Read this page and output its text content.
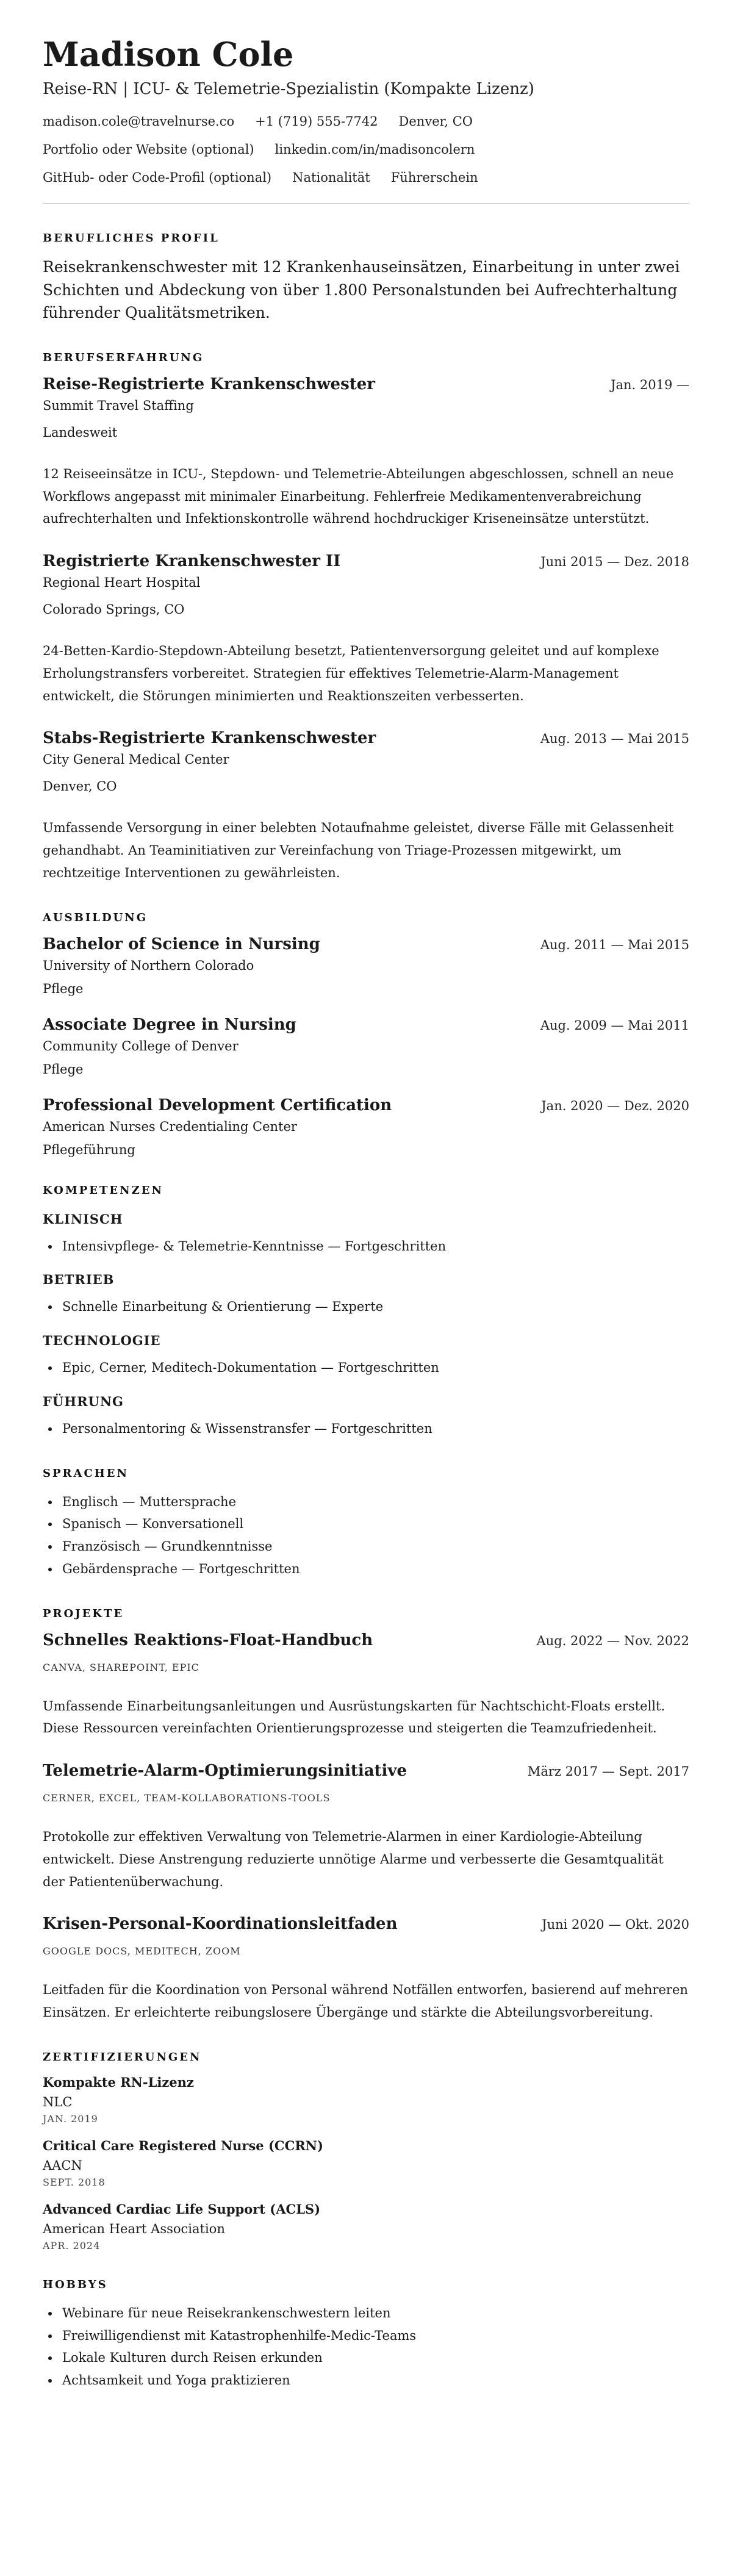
Madison Cole
Reise-RN | ICU- & Telemetrie-Spezialistin (Kompakte Lizenz)
madison.cole@travelnurse.co +1 (719) 555-7742 Denver, CO
Portfolio oder Website (optional) linkedin.com/in/madisoncolern
GitHub- oder Code-Profil (optional) Nationalität Führerschein
BERUFLICHES PROFIL

Reisekrankenschwester mit 12 Krankenhauseinsätzen, Einarbeitung in unter zwei Schichten und Abdeckung von über 1.800 Personalstunden bei Aufrechterhaltung führender Qualitätsmetriken.

BERUFSERFAHRUNG
Reise-Registrierte Krankenschwester	Jan. 2019 —
Summit Travel Staffing
Landesweit

12 Reiseeinsätze in ICU-, Stepdown- und Telemetrie-Abteilungen abgeschlossen, schnell an neue Workflows angepasst mit minimaler Einarbeitung. Fehlerfreie Medikamentenverabreichung aufrechterhalten und Infektionskontrolle während hochdruckiger Kriseneinsätze unterstützt.

Registrierte Krankenschwester II	Juni 2015 — Dez. 2018
Regional Heart Hospital
Colorado Springs, CO

24-Betten-Kardio-Stepdown-Abteilung besetzt, Patientenversorgung geleitet und auf komplexe Erholungstransfers vorbereitet. Strategien für effektives Telemetrie-Alarm-Management entwickelt, die Störungen minimierten und Reaktionszeiten verbesserten.

Stabs-Registrierte Krankenschwester	Aug. 2013 — Mai 2015
City General Medical Center
Denver, CO

Umfassende Versorgung in einer belebten Notaufnahme geleistet, diverse Fälle mit Gelassenheit gehandhabt. An Teaminitiativen zur Vereinfachung von Triage-Prozessen mitgewirkt, um rechtzeitige Interventionen zu gewährleisten.

AUSBILDUNG
Bachelor of Science in Nursing	Aug. 2011 — Mai 2015
University of Northern Colorado
Pflege
Associate Degree in Nursing	Aug. 2009 — Mai 2011
Community College of Denver
Pflege
Professional Development Certification	Jan. 2020 — Dez. 2020
American Nurses Credentialing Center
Pflegeführung
KOMPETENZEN
KLINISCH
• Intensivpflege- & Telemetrie-Kenntnisse — Fortgeschritten
BETRIEB
• Schnelle Einarbeitung & Orientierung — Experte
TECHNOLOGIE
• Epic, Cerner, Meditech-Dokumentation — Fortgeschritten
FÜHRUNG
• Personalmentoring & Wissenstransfer — Fortgeschritten
SPRACHEN
• Englisch — Muttersprache
• Spanisch — Konversationell
• Französisch — Grundkenntnisse
• Gebärdensprache — Fortgeschritten
PROJEKTE
Schnelles Reaktions-Float-Handbuch	Aug. 2022 — Nov. 2022
CANVA, SHAREPOINT, EPIC

Umfassende Einarbeitungsanleitungen und Ausrüstungskarten für Nachtschicht-Floats erstellt. Diese Ressourcen vereinfachten Orientierungsprozesse und steigerten die Teamzufriedenheit.

Telemetrie-Alarm-Optimierungsinitiative	März 2017 — Sept. 2017
CERNER, EXCEL, TEAM-KOLLABORATIONS-TOOLS

Protokolle zur effektiven Verwaltung von Telemetrie-Alarmen in einer Kardiologie-Abteilung entwickelt. Diese Anstrengung reduzierte unnötige Alarme und verbesserte die Gesamtqualität der Patientenüberwachung.

Krisen-Personal-Koordinationsleitfaden	Juni 2020 — Okt. 2020
GOOGLE DOCS, MEDITECH, ZOOM

Leitfaden für die Koordination von Personal während Notfällen entworfen, basierend auf mehreren Einsätzen. Er erleichterte reibungslosere Übergänge und stärkte die Abteilungsvorbereitung.

ZERTIFIZIERUNGEN
Kompakte RN-Lizenz
NLC
JAN. 2019
Critical Care Registered Nurse (CCRN)
AACN
SEPT. 2018
Advanced Cardiac Life Support (ACLS)
American Heart Association
APR. 2024
HOBBYS
• Webinare für neue Reisekrankenschwestern leiten
• Freiwilligendienst mit Katastrophenhilfe-Medic-Teams
• Lokale Kulturen durch Reisen erkunden
• Achtsamkeit und Yoga praktizieren
